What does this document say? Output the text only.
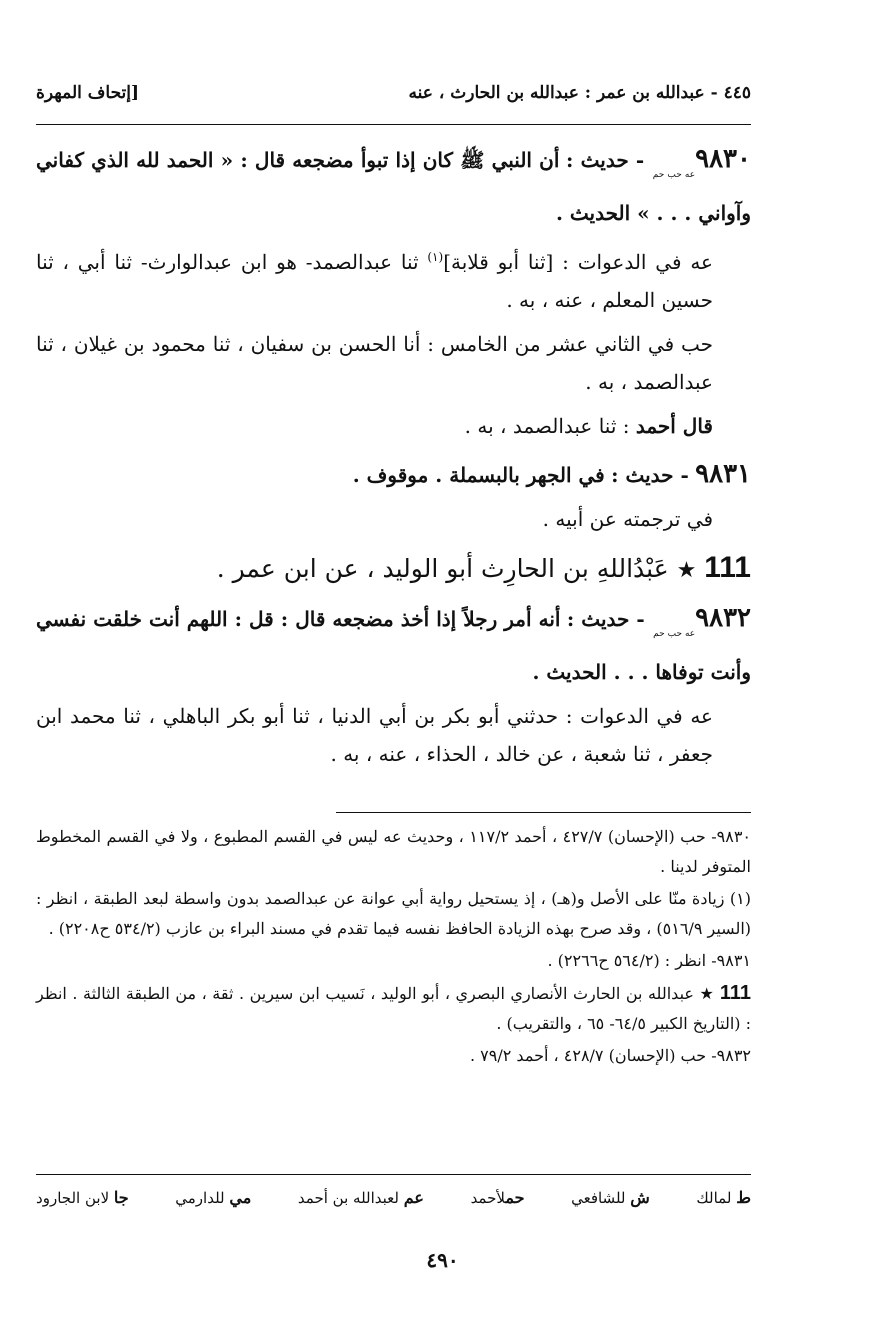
٤٤٥ - عبدالله بن عمر : عبدالله بن الحارث ، عنه
[إتحاف المهرة

$٩٨٣٠_{عه حب حم}$ - حديث : أن النبي ﷺ كان إذا تبوأ مضجعه قال : « الحمد لله الذي كفاني وآواني . . . » الحديث .

عه في الدعوات : [ثنا أبو قلابة]$^{(١)}$ ثنا عبدالصمد- هو ابن عبدالوارث- ثنا أبي ، ثنا حسين المعلم ، عنه ، به .

حب في الثاني عشر من الخامس : أنا الحسن بن سفيان ، ثنا محمود بن غيلان ، ثنا عبدالصمد ، به .

قال أحمد : ثنا عبدالصمد ، به .

٩٨٣١ - حديث : في الجهر بالبسملة . موقوف .

في ترجمته عن أبيه .

111 ★ عَبْدُاللهِ بن الحارِث أبو الوليد ، عن ابن عمر .

$٩٨٣٢_{عه حب حم}$ - حديث : أنه أمر رجلاً إذا أخذ مضجعه قال : قل : اللهم أنت خلقت نفسي وأنت توفاها . . . الحديث .

عه في الدعوات : حدثني أبو بكر بن أبي الدنيا ، ثنا أبو بكر الباهلي ، ثنا محمد ابن جعفر ، ثنا شعبة ، عن خالد ، الحذاء ، عنه ، به .

٩٨٣٠- حب (الإحسان) ٤٢٧/٧ ، أحمد ١١٧/٢ ، وحديث عه ليس في القسم المطبوع ، ولا في القسم المخطوط المتوفر لدينا .

(١) زيادة منّا على الأصل و(هـ) ، إذ يستحيل رواية أبي عوانة عن عبدالصمد بدون واسطة لبعد الطبقة ، انظر : (السير ٥١٦/٩) ، وقد صرح بهذه الزيادة الحافظ نفسه فيما تقدم في مسند البراء بن عازب (٥٣٤/٢ ح٢٢٠٨) .

٩٨٣١- انظر : (٥٦٤/٢ ح٢٢٦٦) .

111 ★ عبدالله بن الحارث الأنصاري البصري ، أبو الوليد ، نَسيب ابن سيرين . ثقة ، من الطبقة الثالثة . انظر : (التاريخ الكبير ٦٤/٥- ٦٥ ، والتقريب) .

٩٨٣٢- حب (الإحسان) ٤٢٨/٧ ، أحمد ٧٩/٢ .

ط لمالك
ش للشافعي
حملأحمد
عم لعبدالله بن أحمد
مي للدارمي
جا لابن الجارود
٤٩٠
